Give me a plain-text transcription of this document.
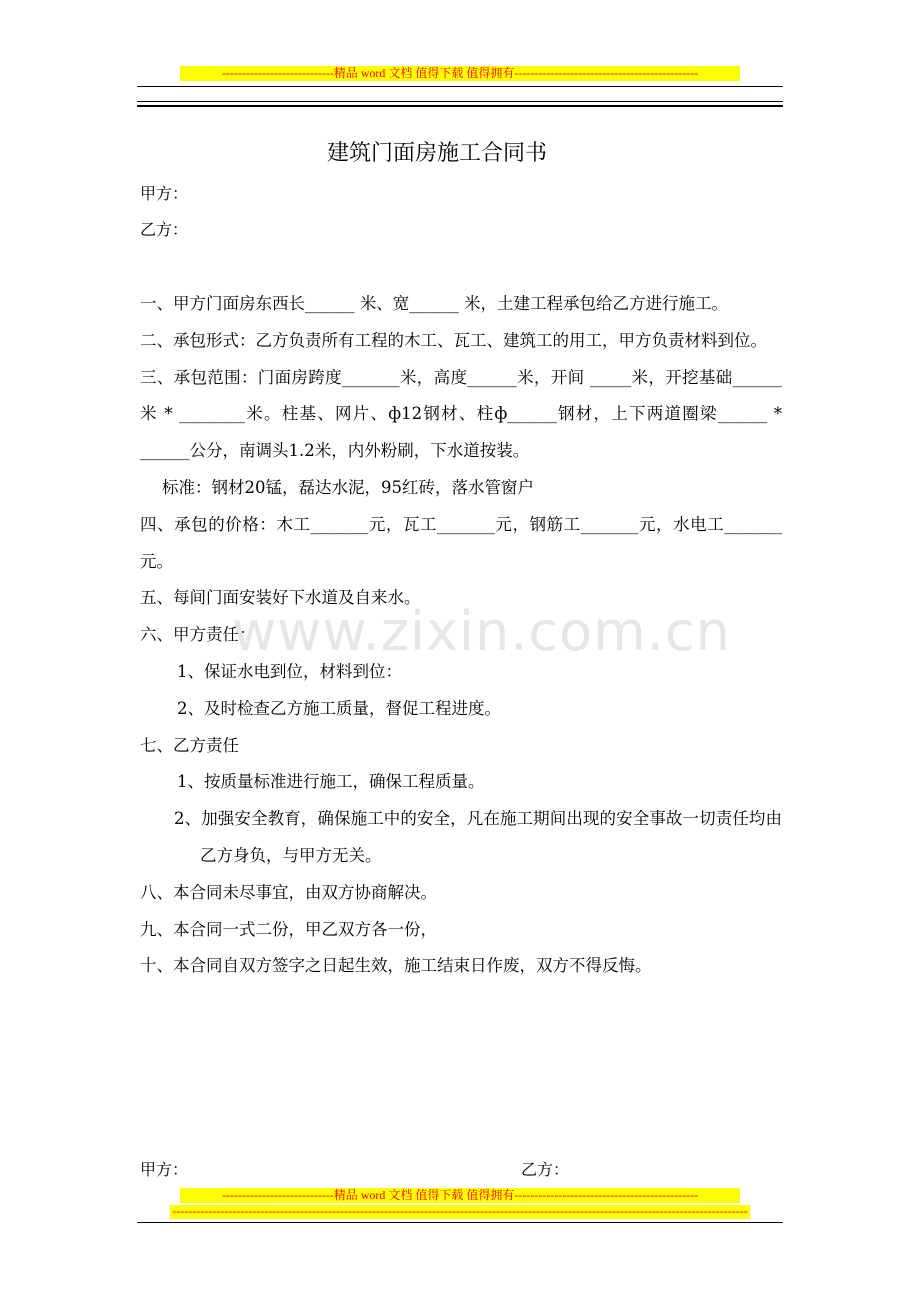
----------------------------精品 word 文档 值得下载 值得拥有----------------------------------------------
建筑门面房施工合同书
甲方：
乙方：

一、甲方门面房东西长______ 米、宽______ 米，土建工程承包给乙方进行施工。

二、承包形式：乙方负责所有工程的木工、瓦工、建筑工的用工，甲方负责材料到位。

三、承包范围：门面房跨度_______米，高度______米，开间 _____米，开挖基础______米 * ________米。柱基、网片、ф12钢材、柱ф______钢材，上下两道圈梁______ * ______公分，南调头1.2米，内外粉刷，下水道按装。

标准：钢材20锰，磊达水泥，95红砖，落水管窗户

四、承包的价格：木工_______元，瓦工_______元，钢筋工_______元，水电工_______元。

五、每间门面安装好下水道及自来水。

六、甲方责任：

1、保证水电到位，材料到位：

2、及时检查乙方施工质量，督促工程进度。

七、乙方责任

1、按质量标准进行施工，确保工程质量。

2、加强安全教育，确保施工中的安全，凡在施工期间出现的安全事故一切责任均由乙方身负，与甲方无关。

八、本合同未尽事宜，由双方协商解决。

九、本合同一式二份，甲乙双方各一份，

十、本合同自双方签字之日起生效，施工结束日作废，双方不得反悔。

www.zixin.com.cn
甲方：	乙方：
----------------------------精品 word 文档 值得下载 值得拥有----------------------------------------------
------------------------------------------------------------------------------------------------------------------------------------------------
